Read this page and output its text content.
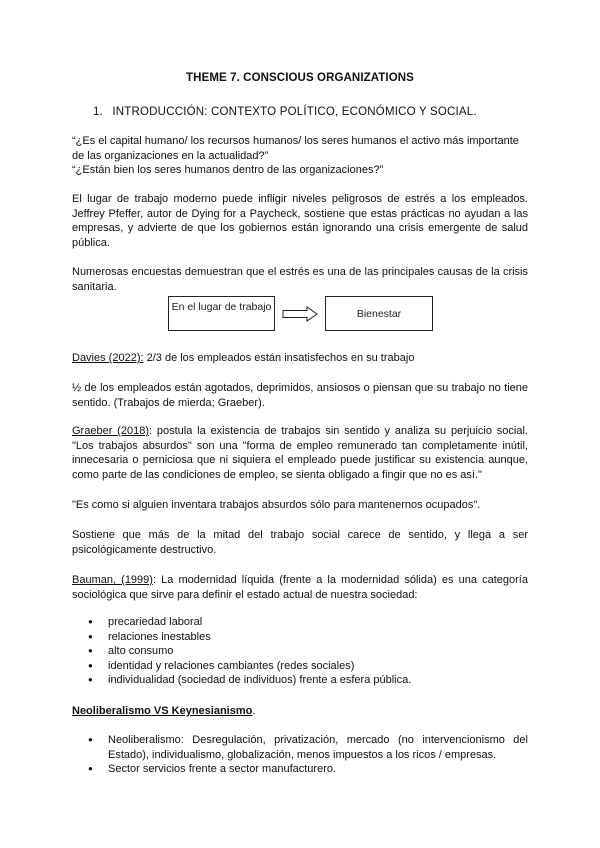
THEME 7. CONSCIOUS ORGANIZATIONS
1. INTRODUCCIÓN: CONTEXTO POLÍTICO, ECONÓMICO Y SOCIAL.
“¿Es el capital humano/ los recursos humanos/ los seres humanos el activo más importante de las organizaciones en la actualidad?”
“¿Están bien los seres humanos dentro de las organizaciones?”
El lugar de trabajo moderno puede infligir niveles peligrosos de estrés a los empleados. Jeffrey Pfeffer, autor de Dying for a Paycheck, sostiene que estas prácticas no ayudan a las empresas, y advierte de que los gobiernos están ignorando una crisis emergente de salud pública.
Numerosas encuestas demuestran que el estrés es una de las principales causas de la crisis sanitaria.
En el lugar de trabajo
Bienestar
Davies (2022): 2/3 de los empleados están insatisfechos en su trabajo
½ de los empleados están agotados, deprimidos, ansiosos o piensan que su trabajo no tiene sentido. (Trabajos de mierda; Graeber).
Graeber (2018): postula la existencia de trabajos sin sentido y analiza su perjuicio social. "Los trabajos absurdos" son una "forma de empleo remunerado tan completamente inútil, innecesaria o perniciosa que ni siquiera el empleado puede justificar su existencia aunque, como parte de las condiciones de empleo, se sienta obligado a fingir que no es así."
"Es como si alguien inventara trabajos absurdos sólo para mantenernos ocupados".
Sostiene que más de la mitad del trabajo social carece de sentido, y llega a ser psicológicamente destructivo.
Bauman, (1999): La modernidad líquida (frente a la modernidad sólida) es una categoría sociológica que sirve para definir el estado actual de nuestra sociedad:
● precariedad laboral
● relaciones inestables
● alto consumo
● identidad y relaciones cambiantes (redes sociales)
● individualidad (sociedad de individuos) frente a esfera pública.
Neoliberalismo VS Keynesianismo.
● Neoliberalismo: Desregulación, privatización, mercado (no intervencionismo del Estado), individualismo, globalización, menos impuestos a los ricos / empresas.
● Sector servicios frente a sector manufacturero.
